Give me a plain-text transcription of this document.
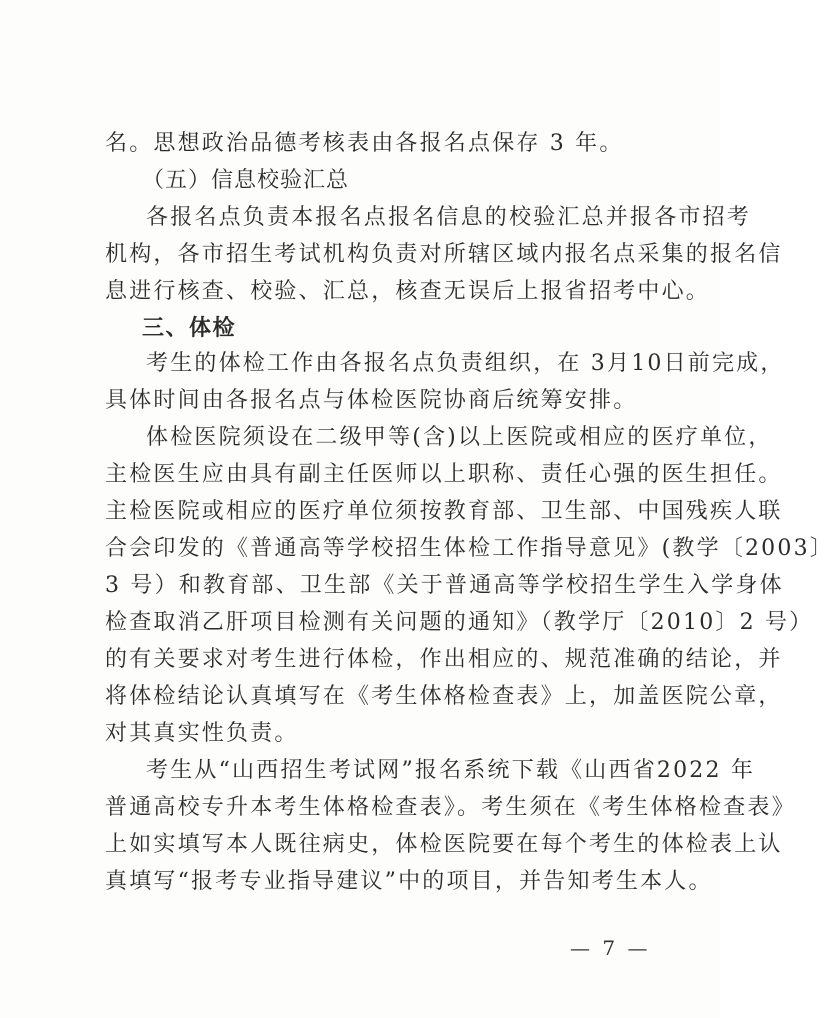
名。思想政治品德考核表由各报名点保存 3 年。
（五）信息校验汇总
各报名点负责本报名点报名信息的校验汇总并报各市招考
机构，各市招生考试机构负责对所辖区域内报名点采集的报名信
息进行核查、校验、汇总，核查无误后上报省招考中心。
三、体检
考生的体检工作由各报名点负责组织，在 3月10日前完成，
具体时间由各报名点与体检医院协商后统筹安排。
体检医院须设在二级甲等(含)以上医院或相应的医疗单位，
主检医生应由具有副主任医师以上职称、责任心强的医生担任。
主检医院或相应的医疗单位须按教育部、卫生部、中国残疾人联
合会印发的《普通高等学校招生体检工作指导意见》(教学〔2003〕
3 号）和教育部、卫生部《关于普通高等学校招生学生入学身体
检查取消乙肝项目检测有关问题的通知》（教学厅〔2010〕2 号）
的有关要求对考生进行体检，作出相应的、规范准确的结论，并
将体检结论认真填写在《考生体格检查表》上，加盖医院公章，
对其真实性负责。
考生从“山西招生考试网”报名系统下载《山西省2022 年
普通高校专升本考生体格检查表》。考生须在《考生体格检查表》
上如实填写本人既往病史，体检医院要在每个考生的体检表上认
真填写“报考专业指导建议”中的项目，并告知考生本人。
— 7 —
